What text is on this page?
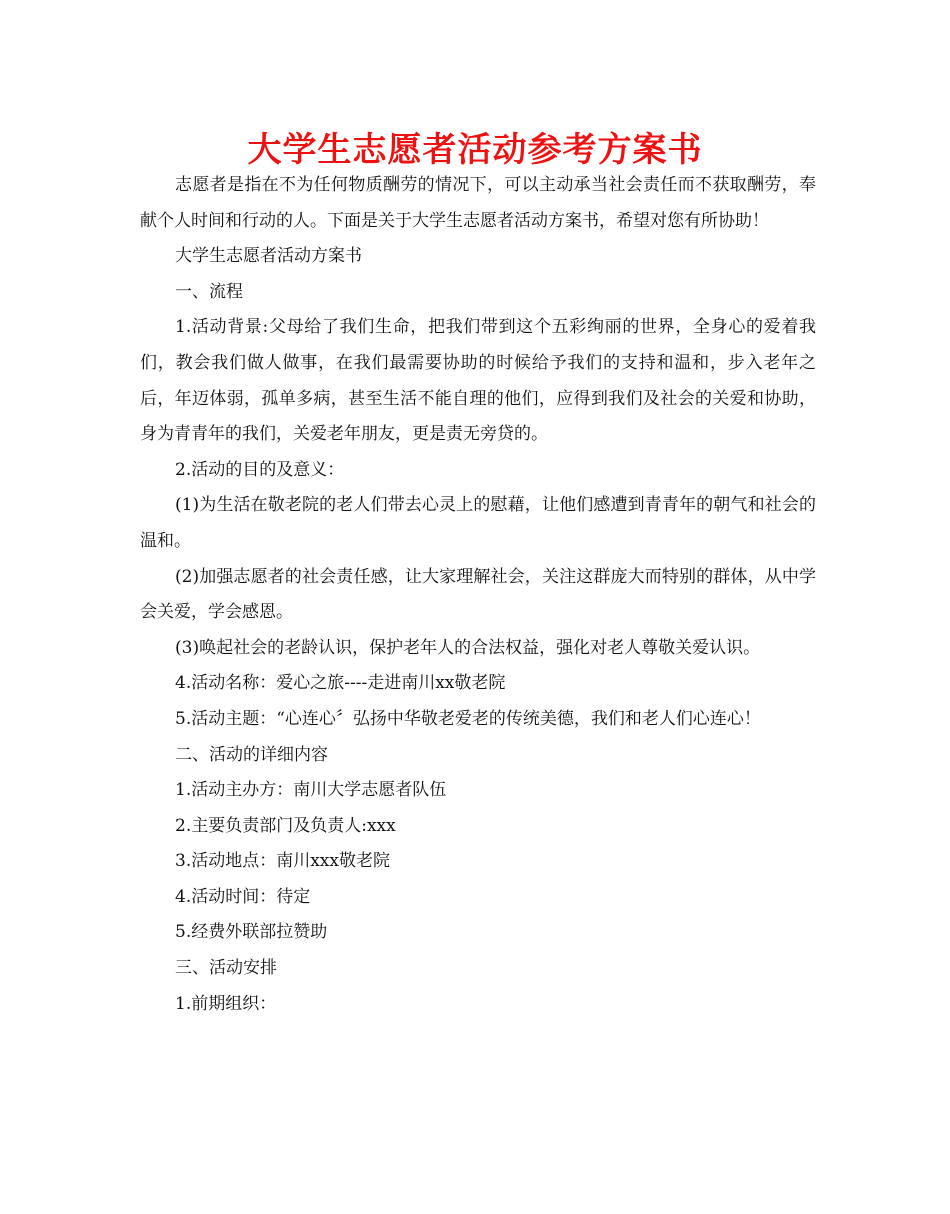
大学生志愿者活动参考方案书

志愿者是指在不为任何物质酬劳的情况下，可以主动承当社会责任而不获取酬劳，奉献个人时间和行动的人。下面是关于大学生志愿者活动方案书，希望对您有所协助！

大学生志愿者活动方案书

一、流程

1.活动背景:父母给了我们生命，把我们带到这个五彩绚丽的世界，全身心的爱着我们，教会我们做人做事，在我们最需要协助的时候给予我们的支持和温和，步入老年之后，年迈体弱，孤单多病，甚至生活不能自理的他们，应得到我们及社会的关爱和协助，身为青青年的我们，关爱老年朋友，更是责无旁贷的。

2.活动的目的及意义：

(1)为生活在敬老院的老人们带去心灵上的慰藉，让他们感遭到青青年的朝气和社会的温和。

(2)加强志愿者的社会责任感，让大家理解社会，关注这群庞大而特别的群体，从中学会关爱，学会感恩。

(3)唤起社会的老龄认识，保护老年人的合法权益，强化对老人尊敬关爱认识。

4.活动名称：爱心之旅----走进南川xx敬老院

5.活动主题：“心连心〞弘扬中华敬老爱老的传统美德，我们和老人们心连心！

二、活动的详细内容

1.活动主办方：南川大学志愿者队伍

2.主要负责部门及负责人:xxx

3.活动地点：南川xxx敬老院

4.活动时间：待定

5.经费外联部拉赞助

三、活动安排

1.前期组织：
